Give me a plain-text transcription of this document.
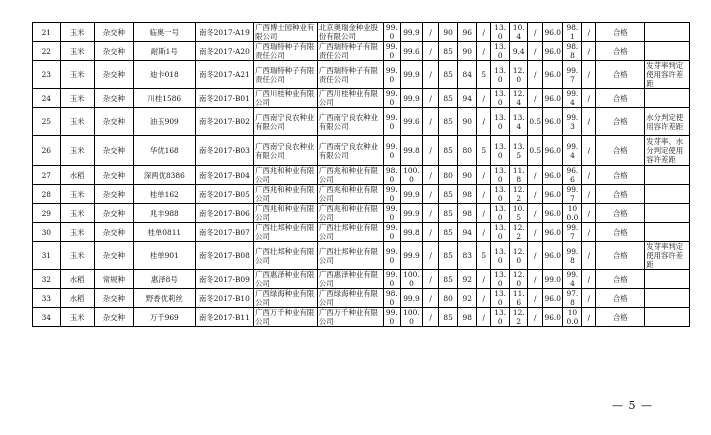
21	玉米	杂交种	临奥一号	南冬2017-A19	广西博士园种业有限公司	北京奥瑞金种业股份有限公司	99.0	99.9	/	90	96	/	13.0	10.4	/	96.0	98.1	/	合格	
22	玉米	杂交种	耐斯1号	南冬2017-A20	广西瑞特种子有限责任公司	广西瑞特种子有限责任公司	99.0	99.6	/	85	90	/	13.0	9.4	/	96.0	98.8	/	合格	
23	玉米	杂交种	迪卡018	南冬2017-A21	广西瑞特种子有限责任公司	广西瑞特种子有限责任公司	99.0	99.9	/	85	84	5	13.0	12.0	/	96.0	99.7	/	合格	发芽率判定使用容许差距
24	玉米	杂交种	川桂1586	南冬2017-B01	广西川桂种业有限公司	广西川桂种业有限公司	99.0	99.9	/	85	94	/	13.0	12.4	/	96.0	99.4	/	合格	
25	玉米	杂交种	油玉909	南冬2017-B02	广西南宁良农种业有限公司	广西南宁良农种业有限公司	99.0	99.6	/	85	90	/	13.0	13.4	0.5	96.0	99.3	/	合格	水分判定使用容许差距
26	玉米	杂交种	华优168	南冬2017-B03	广西南宁良农种业有限公司	广西南宁良农种业有限公司	99.0	99.8	/	85	80	5	13.0	13.5	0.5	96.0	99.4	/	合格	发芽率、水分判定使用容许差距
27	水稻	杂交种	深两优8386	南冬2017-B04	广西兆和种业有限公司	广西兆和种业有限公司	98.0	100.0	/	80	90	/	13.0	11.8	/	96.0	96.6	/	合格	
28	玉米	杂交种	桂单162	南冬2017-B05	广西兆和种业有限公司	广西兆和种业有限公司	99.0	99.9	/	85	98	/	13.0	12.2	/	96.0	99.7	/	合格	
29	玉米	杂交种	兆丰988	南冬2017-B06	广西兆和种业有限公司	广西兆和种业有限公司	99.0	99.9	/	85	98	/	13.0	10.5	/	96.0	100.0	/	合格	
30	玉米	杂交种	桂单0811	南冬2017-B07	广西壮邦种业有限公司	广西壮邦种业有限公司	99.0	99.8	/	85	94	/	13.0	12.2	/	96.0	99.7	/	合格	
31	玉米	杂交种	桂单901	南冬2017-B08	广西壮邦种业有限公司	广西壮邦种业有限公司	99.0	99.9	/	85	83	5	13.0	12.0	/	96.0	99.8	/	合格	发芽率判定使用容许差距
32	水稻	常规种	惠泽8号	南冬2017-B09	广西惠泽种业有限公司	广西惠泽种业有限公司	99.0	100.0	/	85	92	/	13.0	12.0	/	99.0	99.4	/	合格	
33	水稻	杂交种	野香优莉丝	南冬2017-B10	广西绿海种业有限公司	广西绿海种业有限公司	98.0	99.9	/	80	92	/	13.0	11.6	/	96.0	97.8	/	合格	
34	玉米	杂交种	万千969	南冬2017-B11	广西万千种业有限公司	广西万千种业有限公司	99.0	100.0	/	85	98	/	13.0	12.2	/	96.0	100.0	/	合格	
— 5 —
